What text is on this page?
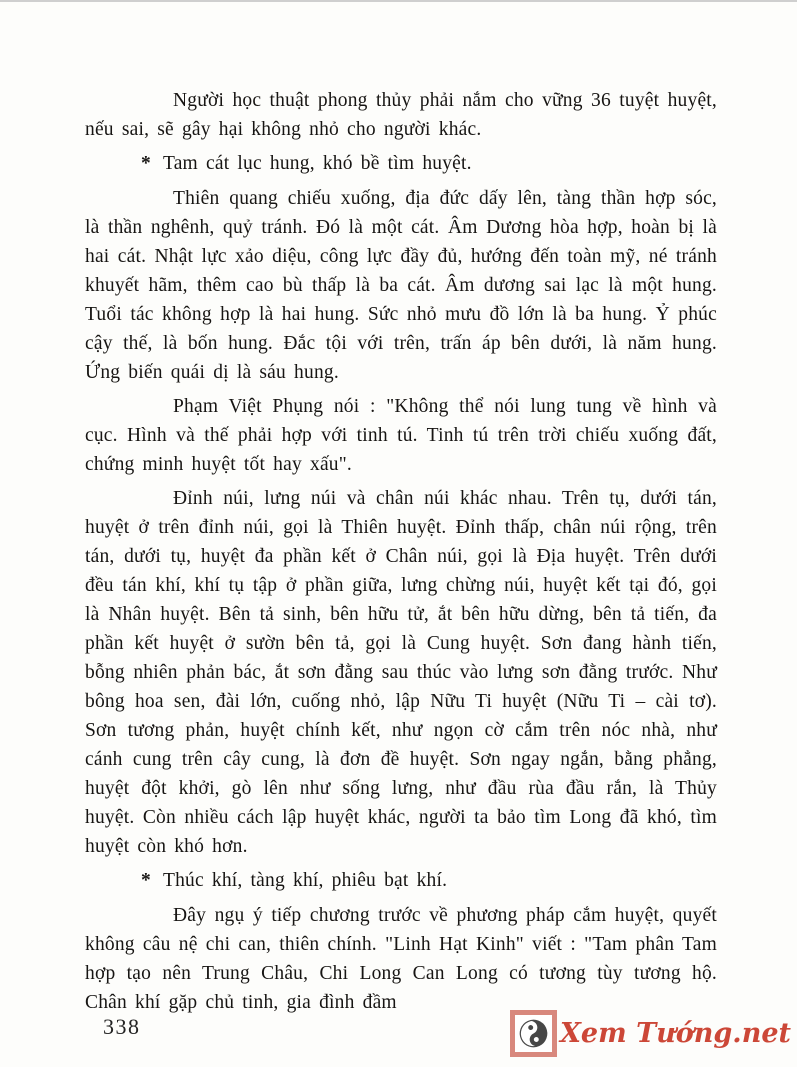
Người học thuật phong thủy phải nắm cho vững 36 tuyệt huyệt, nếu sai, sẽ gây hại không nhỏ cho người khác.
* Tam cát lục hung, khó bề tìm huyệt.
Thiên quang chiếu xuống, địa đức dấy lên, tàng thần hợp sóc, là thần nghênh, quỷ tránh. Đó là một cát. Âm Dương hòa hợp, hoàn bị là hai cát. Nhật lực xảo diệu, công lực đầy đủ, hướng đến toàn mỹ, né tránh khuyết hãm, thêm cao bù thấp là ba cát. Âm dương sai lạc là một hung. Tuổi tác không hợp là hai hung. Sức nhỏ mưu đồ lớn là ba hung. Ỷ phúc cậy thế, là bốn hung. Đắc tội với trên, trấn áp bên dưới, là năm hung. Ứng biến quái dị là sáu hung.
Phạm Việt Phụng nói : "Không thể nói lung tung về hình và cục. Hình và thế phải hợp với tinh tú. Tinh tú trên trời chiếu xuống đất, chứng minh huyệt tốt hay xấu".
Đỉnh núi, lưng núi và chân núi khác nhau. Trên tụ, dưới tán, huyệt ở trên đỉnh núi, gọi là Thiên huyệt. Đỉnh thấp, chân núi rộng, trên tán, dưới tụ, huyệt đa phần kết ở Chân núi, gọi là Địa huyệt. Trên dưới đều tán khí, khí tụ tập ở phần giữa, lưng chừng núi, huyệt kết tại đó, gọi là Nhân huyệt. Bên tả sinh, bên hữu tử, ắt bên hữu dừng, bên tả tiến, đa phần kết huyệt ở sườn bên tả, gọi là Cung huyệt. Sơn đang hành tiến, bỗng nhiên phản bác, ắt sơn đằng sau thúc vào lưng sơn đằng trước. Như bông hoa sen, đài lớn, cuống nhỏ, lập Nữu Ti huyệt (Nữu Ti – cài tơ). Sơn tương phản, huyệt chính kết, như ngọn cờ cắm trên nóc nhà, như cánh cung trên cây cung, là đơn đề huyệt. Sơn ngay ngắn, bằng phẳng, huyệt đột khởi, gò lên như sống lưng, như đầu rùa đầu rắn, là Thủy huyệt. Còn nhiều cách lập huyệt khác, người ta bảo tìm Long đã khó, tìm huyệt còn khó hơn.
* Thúc khí, tàng khí, phiêu bạt khí.
Đây ngụ ý tiếp chương trước về phương pháp cắm huyệt, quyết không câu nệ chi can, thiên chính. "Linh Hạt Kinh" viết : "Tam phân Tam hợp tạo nên Trung Châu, Chi Long Can Long có tương tùy tương hộ. Chân khí gặp chủ tinh, gia đình đầm
338	Xem Tướng.net
